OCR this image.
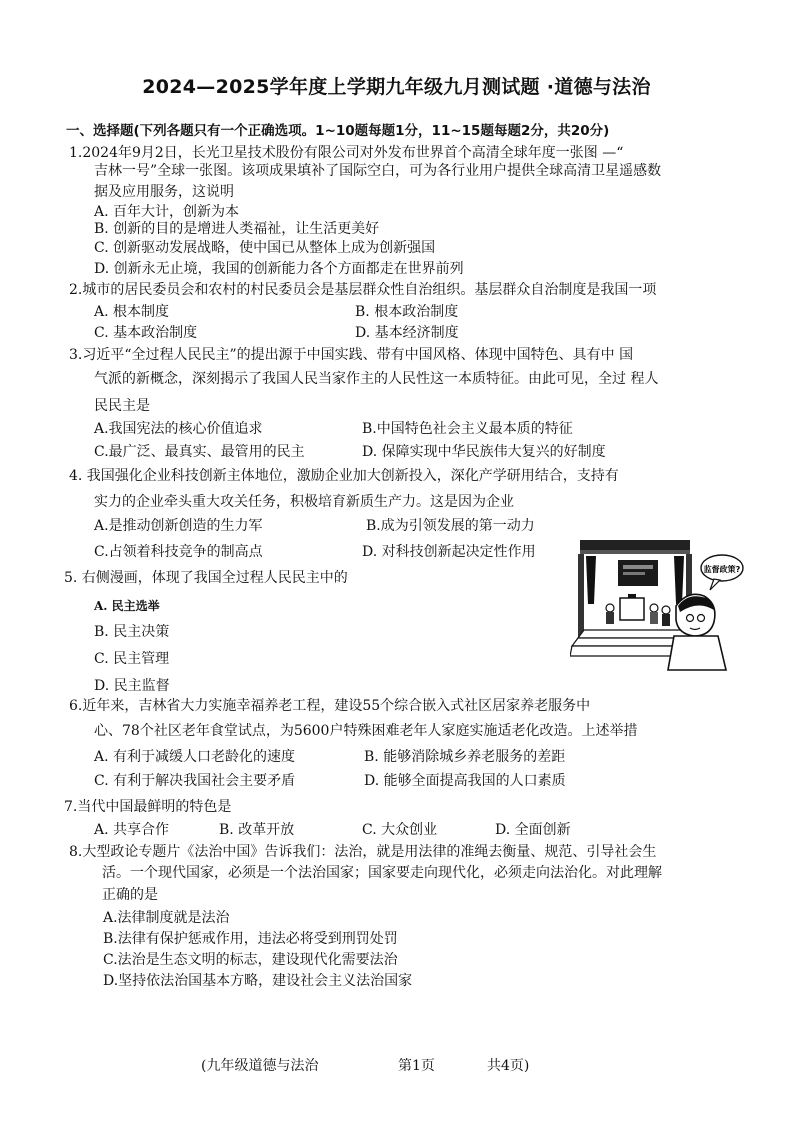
2024—2025学年度上学期九年级九月测试题 ·道德与法治
一、选择题(下列各题只有一个正确选项。1~10题每题1分，11~15题每题2分，共20分)
1.2024年9月2日，长光卫星技术股份有限公司对外发布世界首个高清全球年度一张图 —“
吉林一号”全球一张图。该项成果填补了国际空白，可为各行业用户提供全球高清卫星遥感数
据及应用服务，这说明
A. 百年大计，创新为本
B. 创新的目的是增进人类福祉，让生活更美好
C. 创新驱动发展战略，使中国已从整体上成为创新强国
D. 创新永无止境，我国的创新能力各个方面都走在世界前列
2.城市的居民委员会和农村的村民委员会是基层群众性自治组织。基层群众自治制度是我国一项
A. 根本制度	B. 根本政治制度
C. 基本政治制度	D. 基本经济制度
3.习近平“全过程人民民主”的提出源于中国实践、带有中国风格、体现中国特色、具有中 国
气派的新概念，深刻揭示了我国人民当家作主的人民性这一本质特征。由此可见，全过 程人
民民主是
A.我国宪法的核心价值追求	B.中国特色社会主义最本质的特征
C.最广泛、最真实、最管用的民主	D. 保障实现中华民族伟大复兴的好制度
4. 我国强化企业科技创新主体地位，激励企业加大创新投入，深化产学研用结合，支持有
实力的企业牵头重大攻关任务，积极培育新质生产力。这是因为企业
A.是推动创新创造的生力军	B.成为引领发展的第一动力
C.占领着科技竞争的制高点	D. 对科技创新起决定性作用
5. 右侧漫画，体现了我国全过程人民民主中的
A. 民主选举
B. 民主决策
C. 民主管理
D. 民主监督
监督政策?
6.近年来，吉林省大力实施幸福养老工程，建设55个综合嵌入式社区居家养老服务中
心、78个社区老年食堂试点，为5600户特殊困难老年人家庭实施适老化改造。上述举措
A. 有利于减缓人口老龄化的速度	B. 能够消除城乡养老服务的差距
C. 有利于解决我国社会主要矛盾	D. 能够全面提高我国的人口素质
7.当代中国最鲜明的特色是
A. 共享合作	B. 改革开放	C. 大众创业	D. 全面创新
8.大型政论专题片《法治中国》告诉我们：法治，就是用法律的准绳去衡量、规范、引导社会生
活。一个现代国家，必须是一个法治国家；国家要走向现代化，必须走向法治化。对此理解
正确的是
A.法律制度就是法治
B.法律有保护惩戒作用，违法必将受到刑罚处罚
C.法治是生态文明的标志，建设现代化需要法治
D.坚持依法治国基本方略，建设社会主义法治国家
(九年级道德与法治	第1页	共4页)
